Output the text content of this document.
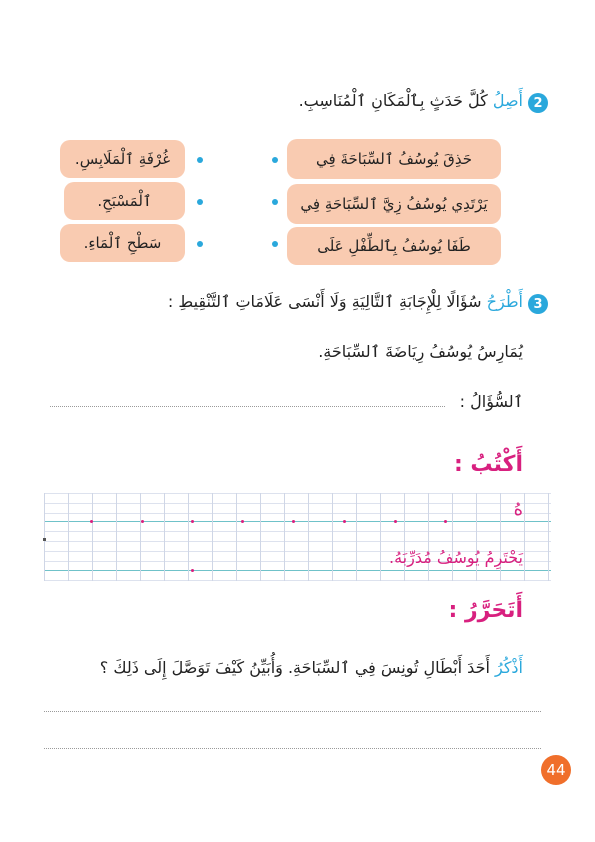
2
أَصِلُ كُلَّ حَدَثٍ بِٱلْمَكَانِ ٱلْمُنَاسِبِ.
حَذِقَ يُوسُفُ ٱلسِّبَاحَةَ فِي
يَرْتَدِي يُوسُفُ زِيَّ ٱلسِّبَاحَةِ فِي
طَفَا يُوسُفُ بِٱلطِّفْلِ عَلَى
غُرْفَةِ ٱلْمَلَابِسِ.
ٱلْمَسْبَحِ.
سَطْحِ ٱلْمَاءِ.
3
أَطْرَحُ سُؤَالًا لِلْإِجَابَةِ ٱلتَّالِيَةِ وَلَا أَنْسَى عَلَامَاتِ ٱلتَّنْقِيطِ :
يُمَارِسُ يُوسُفُ رِيَاضَةَ ٱلسِّبَاحَةِ.
ٱلسُّؤَالُ :
أَكْتُبُ :
هُ
يَحْتَرِمُ يُوسُفُ مُدَرِّبَهُ.
أَتَحَرَّرُ :
أَذْكُرُ أَحَدَ أَبْطَالِ تُونِسَ فِي ٱلسِّبَاحَةِ. وَأُبَيِّنُ كَيْفَ تَوَصَّلَ إِلَى ذَلِكَ ؟
44
